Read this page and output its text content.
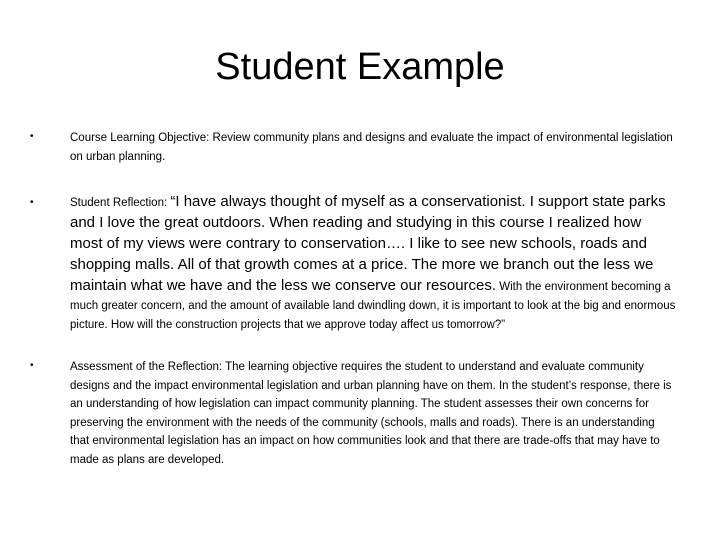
Student Example
•	Course Learning Objective: Review community plans and designs and evaluate the impact of environmental legislation on urban planning.
•	Student Reflection: “I have always thought of myself as a conservationist. I support state parks and I love the great outdoors. When reading and studying in this course I realized how most of my views were contrary to conservation…. I like to see new schools, roads and shopping malls. All of that growth comes at a price. The more we branch out the less we maintain what we have and the less we conserve our resources. With the environment becoming a much greater concern, and the amount of available land dwindling down, it is important to look at the big and enormous picture. How will the construction projects that we approve today affect us tomorrow?”
•	Assessment of the Reflection: The learning objective requires the student to understand and evaluate community designs and the impact environmental legislation and urban planning have on them. In the student’s response, there is an understanding of how legislation can impact community planning. The student assesses their own concerns for preserving the environment with the needs of the community (schools, malls and roads). There is an understanding that environmental legislation has an impact on how communities look and that there are trade-offs that may have to made as plans are developed.
